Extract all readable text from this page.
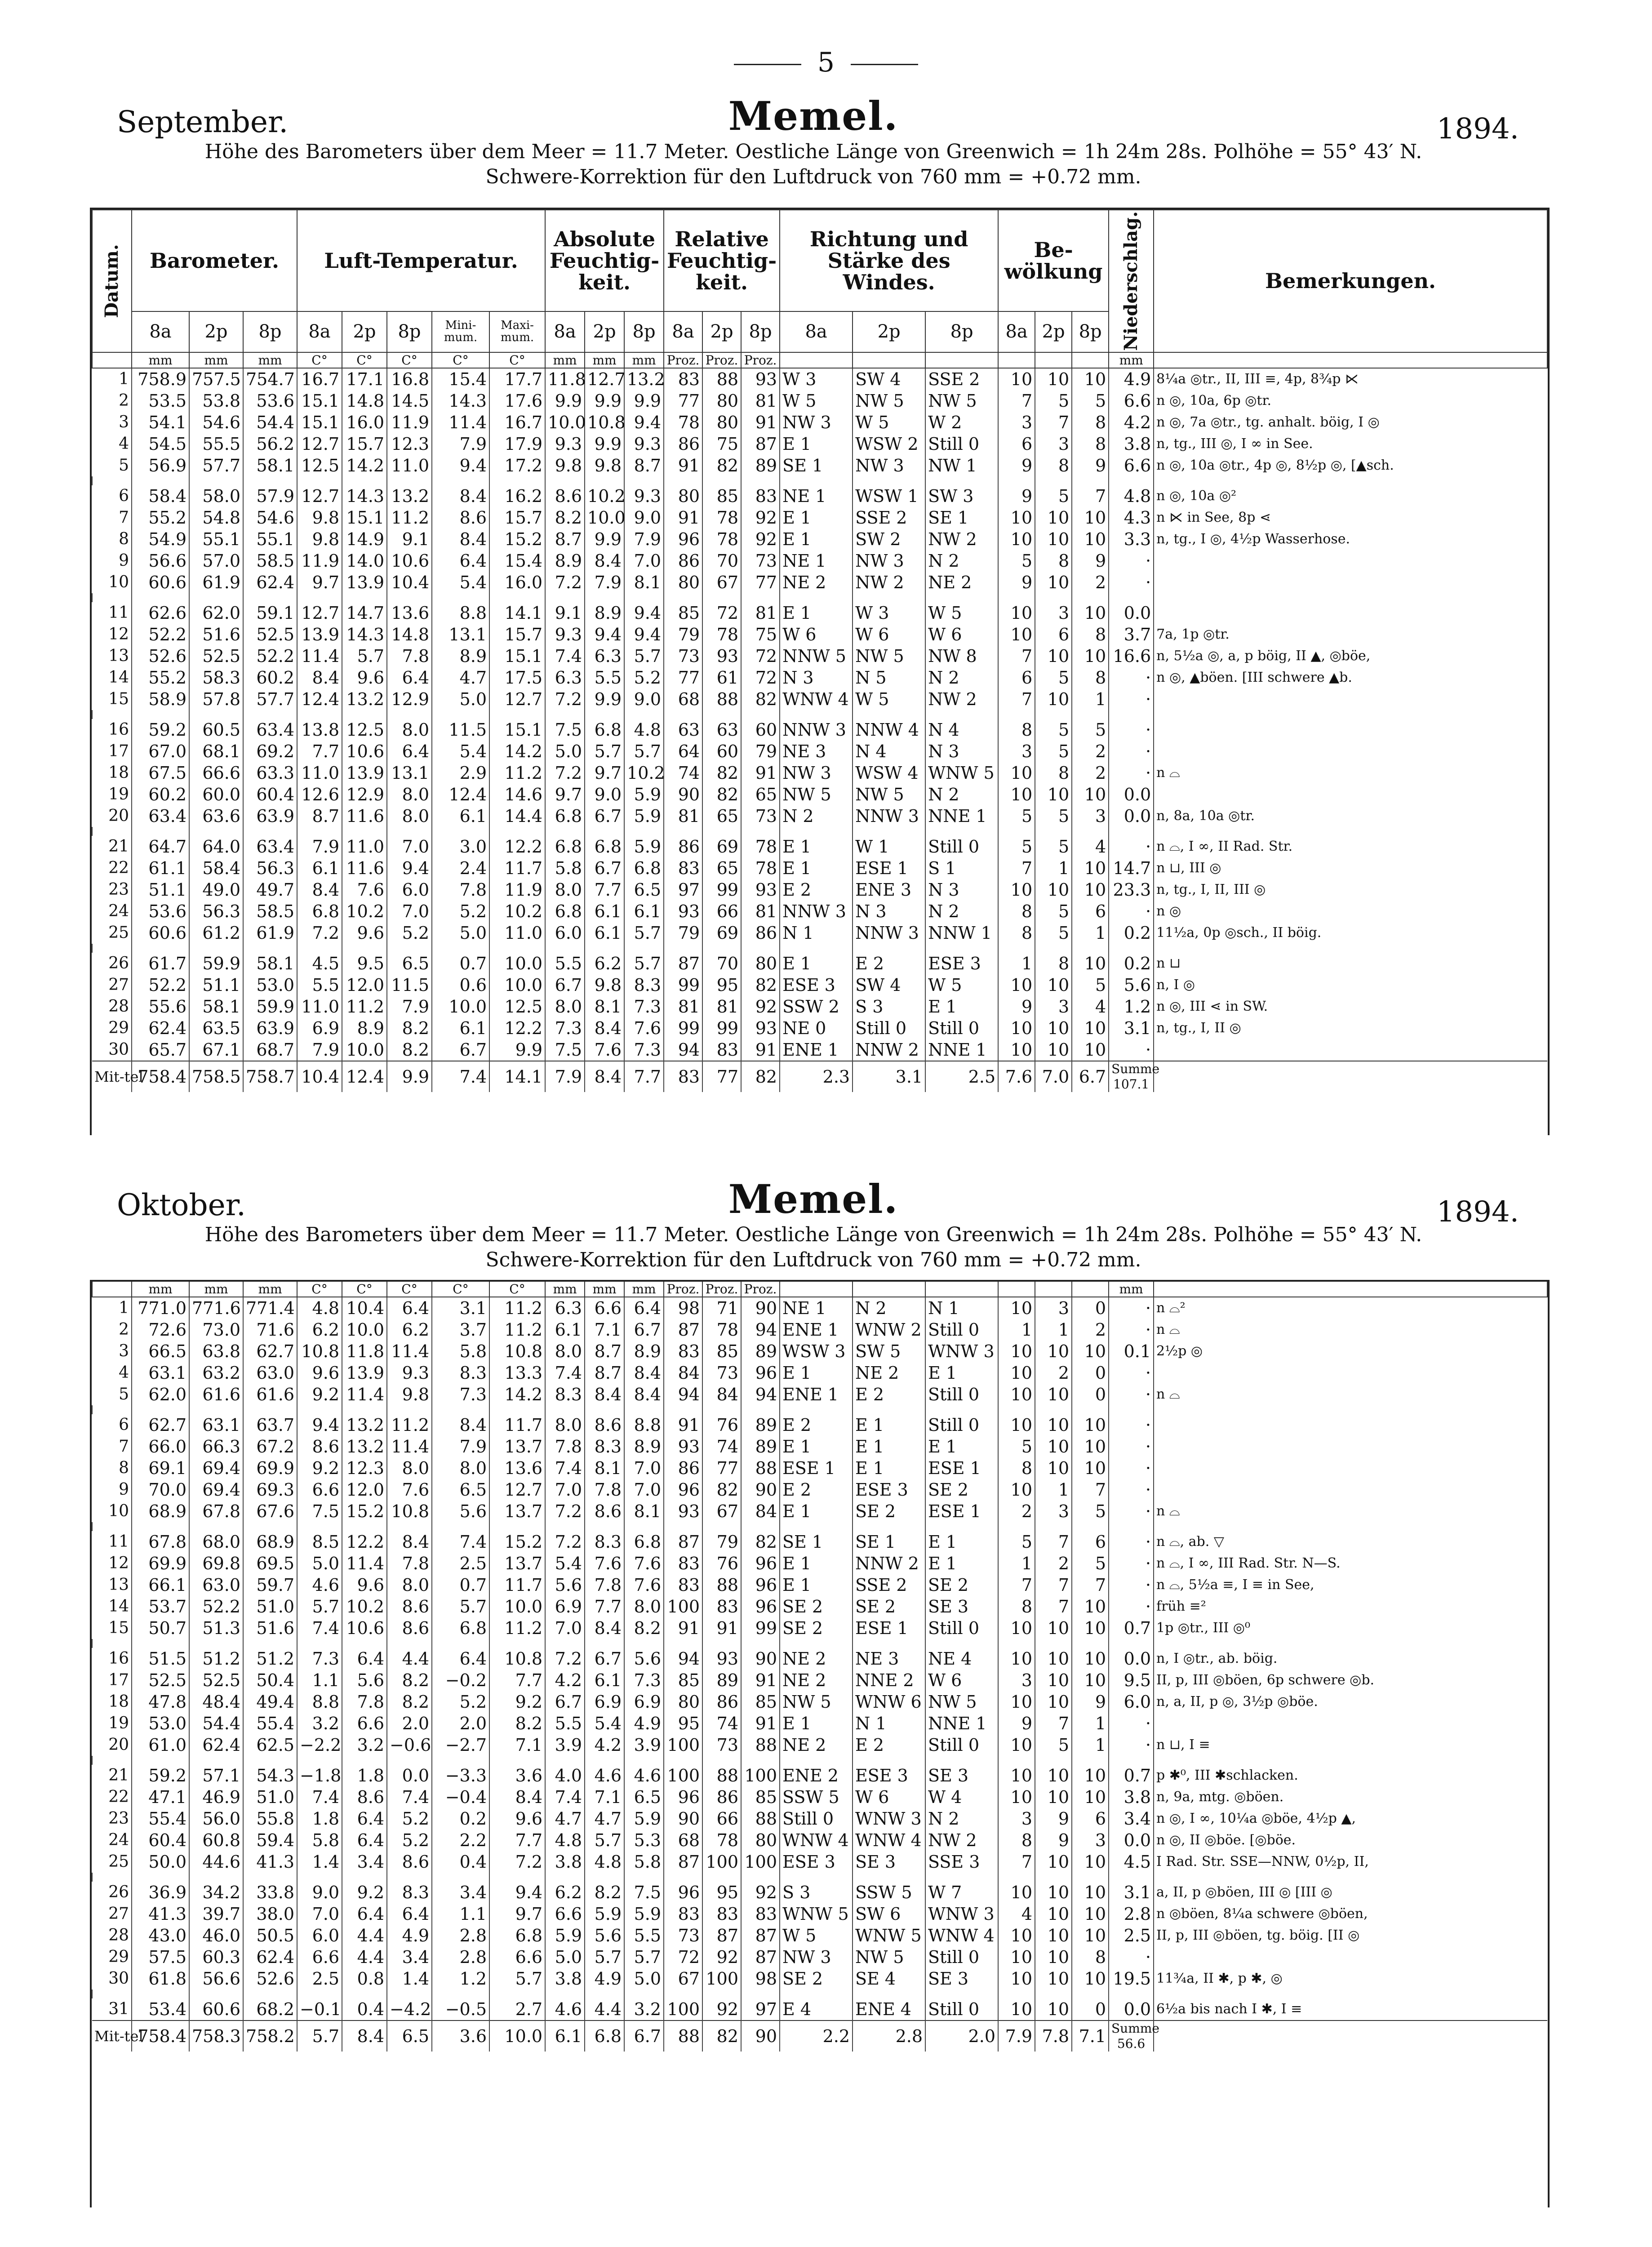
5
September.	Memel.	1894.
Höhe des Barometers über dem Meer = 11.7 Meter. Oestliche Länge von Greenwich = 1h 24m 28s. Polhöhe = 55° 43′ N.
Schwere-Korrektion für den Luftdruck von 760 mm = +0.72 mm.
Datum.	Barometer.			Luft-Temperatur.					Absolute Feuchtig-keit.			Relative Feuchtig-keit.			Richtung und Stärke des Windes.			Be-wölkung			Niederschlag.	Bemerkungen.
	8a	2p	8p	8a	2p	8p	Mini-mum.	Maxi-mum.	8a	2p	8p	8a	2p	8p	8a	2p	8p	8a	2p	8p		
	mm	mm	mm	C°	C°	C°	C°	C°	mm	mm	mm	Proz.	Proz.	Proz.							mm	
1	758.9	757.5	754.7	16.7	17.1	16.8	15.4	17.7	11.8	12.7	13.2	83	88	93	W 3	SW 4	SSE 2	10	10	10	4.9	8¼a ◎tr., II, III ≡, 4p, 8¾p ⋉
2	53.5	53.8	53.6	15.1	14.8	14.5	14.3	17.6	9.9	9.9	9.9	77	80	81	W 5	NW 5	NW 5	7	5	5	6.6	n ◎, 10a, 6p ◎tr.
3	54.1	54.6	54.4	15.1	16.0	11.9	11.4	16.7	10.0	10.8	9.4	78	80	91	NW 3	W 5	W 2	3	7	8	4.2	n ◎, 7a ◎tr., tg. anhalt. böig, I ◎
4	54.5	55.5	56.2	12.7	15.7	12.3	7.9	17.9	9.3	9.9	9.3	86	75	87	E 1	WSW 2	Still 0	6	3	8	3.8	n, tg., III ◎, I ∞ in See.
5	56.9	57.7	58.1	12.5	14.2	11.0	9.4	17.2	9.8	9.8	8.7	91	82	89	SE 1	NW 3	NW 1	9	8	9	6.6	n ◎, 10a ◎tr., 4p ◎, 8½p ◎, [▲sch.

6	58.4	58.0	57.9	12.7	14.3	13.2	8.4	16.2	8.6	10.2	9.3	80	85	83	NE 1	WSW 1	SW 3	9	5	7	4.8	n ◎, 10a ◎²
7	55.2	54.8	54.6	9.8	15.1	11.2	8.6	15.7	8.2	10.0	9.0	91	78	92	E 1	SSE 2	SE 1	10	10	10	4.3	n ⋉ in See, 8p ⋖
8	54.9	55.1	55.1	9.8	14.9	9.1	8.4	15.2	8.7	9.9	7.9	96	78	92	E 1	SW 2	NW 2	10	10	10	3.3	n, tg., I ◎, 4½p Wasserhose.
9	56.6	57.0	58.5	11.9	14.0	10.6	6.4	15.4	8.9	8.4	7.0	86	70	73	NE 1	NW 3	N 2	5	8	9	·	
10	60.6	61.9	62.4	9.7	13.9	10.4	5.4	16.0	7.2	7.9	8.1	80	67	77	NE 2	NW 2	NE 2	9	10	2	·	

11	62.6	62.0	59.1	12.7	14.7	13.6	8.8	14.1	9.1	8.9	9.4	85	72	81	E 1	W 3	W 5	10	3	10	0.0	
12	52.2	51.6	52.5	13.9	14.3	14.8	13.1	15.7	9.3	9.4	9.4	79	78	75	W 6	W 6	W 6	10	6	8	3.7	7a, 1p ◎tr.
13	52.6	52.5	52.2	11.4	5.7	7.8	8.9	15.1	7.4	6.3	5.7	73	93	72	NNW 5	NW 5	NW 8	7	10	10	16.6	n, 5½a ◎, a, p böig, II ▲, ◎böe,
14	55.2	58.3	60.2	8.4	9.6	6.4	4.7	17.5	6.3	5.5	5.2	77	61	72	N 3	N 5	N 2	6	5	8	·	n ◎, ▲böen. [III schwere ▲b.
15	58.9	57.8	57.7	12.4	13.2	12.9	5.0	12.7	7.2	9.9	9.0	68	88	82	WNW 4	W 5	NW 2	7	10	1	·	

16	59.2	60.5	63.4	13.8	12.5	8.0	11.5	15.1	7.5	6.8	4.8	63	63	60	NNW 3	NNW 4	N 4	8	5	5	·	
17	67.0	68.1	69.2	7.7	10.6	6.4	5.4	14.2	5.0	5.7	5.7	64	60	79	NE 3	N 4	N 3	3	5	2	·	
18	67.5	66.6	63.3	11.0	13.9	13.1	2.9	11.2	7.2	9.7	10.2	74	82	91	NW 3	WSW 4	WNW 5	10	8	2	·	n ⌓
19	60.2	60.0	60.4	12.6	12.9	8.0	12.4	14.6	9.7	9.0	5.9	90	82	65	NW 5	NW 5	N 2	10	10	10	0.0	
20	63.4	63.6	63.9	8.7	11.6	8.0	6.1	14.4	6.8	6.7	5.9	81	65	73	N 2	NNW 3	NNE 1	5	5	3	0.0	n, 8a, 10a ◎tr.

21	64.7	64.0	63.4	7.9	11.0	7.0	3.0	12.2	6.8	6.8	5.9	86	69	78	E 1	W 1	Still 0	5	5	4	·	n ⌓, I ∞, II Rad. Str.
22	61.1	58.4	56.3	6.1	11.6	9.4	2.4	11.7	5.8	6.7	6.8	83	65	78	E 1	ESE 1	S 1	7	1	10	14.7	n ⊔, III ◎
23	51.1	49.0	49.7	8.4	7.6	6.0	7.8	11.9	8.0	7.7	6.5	97	99	93	E 2	ENE 3	N 3	10	10	10	23.3	n, tg., I, II, III ◎
24	53.6	56.3	58.5	6.8	10.2	7.0	5.2	10.2	6.8	6.1	6.1	93	66	81	NNW 3	N 3	N 2	8	5	6	·	n ◎
25	60.6	61.2	61.9	7.2	9.6	5.2	5.0	11.0	6.0	6.1	5.7	79	69	86	N 1	NNW 3	NNW 1	8	5	1	0.2	11½a, 0p ◎sch., II böig.

26	61.7	59.9	58.1	4.5	9.5	6.5	0.7	10.0	5.5	6.2	5.7	87	70	80	E 1	E 2	ESE 3	1	8	10	0.2	n ⊔
27	52.2	51.1	53.0	5.5	12.0	11.5	0.6	10.0	6.7	9.8	8.3	99	95	82	ESE 3	SW 4	W 5	10	10	5	5.6	n, I ◎
28	55.6	58.1	59.9	11.0	11.2	7.9	10.0	12.5	8.0	8.1	7.3	81	81	92	SSW 2	S 3	E 1	9	3	4	1.2	n ◎, III ⋖ in SW.
29	62.4	63.5	63.9	6.9	8.9	8.2	6.1	12.2	7.3	8.4	7.6	99	99	93	NE 0	Still 0	Still 0	10	10	10	3.1	n, tg., I, II ◎
30	65.7	67.1	68.7	7.9	10.0	8.2	6.7	9.9	7.5	7.6	7.3	94	83	91	ENE 1	NNW 2	NNE 1	10	10	10	·	
Mit-tel	758.4	758.5	758.7	10.4	12.4	9.9	7.4	14.1	7.9	8.4	7.7	83	77	82	2.3	3.1	2.5	7.6	7.0	6.7	Summe
107.1	

Oktober.	Memel.	1894.
Höhe des Barometers über dem Meer = 11.7 Meter. Oestliche Länge von Greenwich = 1h 24m 28s. Polhöhe = 55° 43′ N.
Schwere-Korrektion für den Luftdruck von 760 mm = +0.72 mm.
	mm	mm	mm	C°	C°	C°	C°	C°	mm	mm	mm	Proz.	Proz.	Proz.							mm	
1	771.0	771.6	771.4	4.8	10.4	6.4	3.1	11.2	6.3	6.6	6.4	98	71	90	NE 1	N 2	N 1	10	3	0	·	n ⌓²
2	72.6	73.0	71.6	6.2	10.0	6.2	3.7	11.2	6.1	7.1	6.7	87	78	94	ENE 1	WNW 2	Still 0	1	1	2	·	n ⌓
3	66.5	63.8	62.7	10.8	11.8	11.4	5.8	10.8	8.0	8.7	8.9	83	85	89	WSW 3	SW 5	WNW 3	10	10	10	0.1	2½p ◎
4	63.1	63.2	63.0	9.6	13.9	9.3	8.3	13.3	7.4	8.7	8.4	84	73	96	E 1	NE 2	E 1	10	2	0	·	
5	62.0	61.6	61.6	9.2	11.4	9.8	7.3	14.2	8.3	8.4	8.4	94	84	94	ENE 1	E 2	Still 0	10	10	0	·	n ⌓

6	62.7	63.1	63.7	9.4	13.2	11.2	8.4	11.7	8.0	8.6	8.8	91	76	89	E 2	E 1	Still 0	10	10	10	·	
7	66.0	66.3	67.2	8.6	13.2	11.4	7.9	13.7	7.8	8.3	8.9	93	74	89	E 1	E 1	E 1	5	10	10	·	
8	69.1	69.4	69.9	9.2	12.3	8.0	8.0	13.6	7.4	8.1	7.0	86	77	88	ESE 1	E 1	ESE 1	8	10	10	·	
9	70.0	69.4	69.3	6.6	12.0	7.6	6.5	12.7	7.0	7.8	7.0	96	82	90	E 2	ESE 3	SE 2	10	1	7	·	
10	68.9	67.8	67.6	7.5	15.2	10.8	5.6	13.7	7.2	8.6	8.1	93	67	84	E 1	SE 2	ESE 1	2	3	5	·	n ⌓

11	67.8	68.0	68.9	8.5	12.2	8.4	7.4	15.2	7.2	8.3	6.8	87	79	82	SE 1	SE 1	E 1	5	7	6	·	n ⌓, ab. ▽
12	69.9	69.8	69.5	5.0	11.4	7.8	2.5	13.7	5.4	7.6	7.6	83	76	96	E 1	NNW 2	E 1	1	2	5	·	n ⌓, I ∞, III Rad. Str. N—S.
13	66.1	63.0	59.7	4.6	9.6	8.0	0.7	11.7	5.6	7.8	7.6	83	88	96	E 1	SSE 2	SE 2	7	7	7	·	n ⌓, 5½a ≡, I ≡ in See,
14	53.7	52.2	51.0	5.7	10.2	8.6	5.7	10.0	6.9	7.7	8.0	100	83	96	SE 2	SE 2	SE 3	8	7	10	·	früh ≡²
15	50.7	51.3	51.6	7.4	10.6	8.6	6.8	11.2	7.0	8.4	8.2	91	91	99	SE 2	ESE 1	Still 0	10	10	10	0.7	1p ◎tr., III ◎⁰

16	51.5	51.2	51.2	7.3	6.4	4.4	6.4	10.8	7.2	6.7	5.6	94	93	90	NE 2	NE 3	NE 4	10	10	10	0.0	n, I ◎tr., ab. böig.
17	52.5	52.5	50.4	1.1	5.6	8.2	−0.2	7.7	4.2	6.1	7.3	85	89	91	NE 2	NNE 2	W 6	3	10	10	9.5	II, p, III ◎böen, 6p schwere ◎b.
18	47.8	48.4	49.4	8.8	7.8	8.2	5.2	9.2	6.7	6.9	6.9	80	86	85	NW 5	WNW 6	NW 5	10	10	9	6.0	n, a, II, p ◎, 3½p ◎böe.
19	53.0	54.4	55.4	3.2	6.6	2.0	2.0	8.2	5.5	5.4	4.9	95	74	91	E 1	N 1	NNE 1	9	7	1	·	
20	61.0	62.4	62.5	−2.2	3.2	−0.6	−2.7	7.1	3.9	4.2	3.9	100	73	88	NE 2	E 2	Still 0	10	5	1	·	n ⊔, I ≡

21	59.2	57.1	54.3	−1.8	1.8	0.0	−3.3	3.6	4.0	4.6	4.6	100	88	100	ENE 2	ESE 3	SE 3	10	10	10	0.7	p ✱⁰, III ✱schlacken.
22	47.1	46.9	51.0	7.4	8.6	7.4	−0.4	8.4	7.4	7.1	6.5	96	86	85	SSW 5	W 6	W 4	10	10	10	3.8	n, 9a, mtg. ◎böen.
23	55.4	56.0	55.8	1.8	6.4	5.2	0.2	9.6	4.7	4.7	5.9	90	66	88	Still 0	WNW 3	N 2	3	9	6	3.4	n ◎, I ∞, 10¼a ◎böe, 4½p ▲,
24	60.4	60.8	59.4	5.8	6.4	5.2	2.2	7.7	4.8	5.7	5.3	68	78	80	WNW 4	WNW 4	NW 2	8	9	3	0.0	n ◎, II ◎böe. [◎böe.
25	50.0	44.6	41.3	1.4	3.4	8.6	0.4	7.2	3.8	4.8	5.8	87	100	100	ESE 3	SE 3	SSE 3	7	10	10	4.5	I Rad. Str. SSE—NNW, 0½p, II,

26	36.9	34.2	33.8	9.0	9.2	8.3	3.4	9.4	6.2	8.2	7.5	96	95	92	S 3	SSW 5	W 7	10	10	10	3.1	a, II, p ◎böen, III ◎ [III ◎
27	41.3	39.7	38.0	7.0	6.4	6.4	1.1	9.7	6.6	5.9	5.9	83	83	83	WNW 5	SW 6	WNW 3	4	10	10	2.8	n ◎böen, 8¼a schwere ◎böen,
28	43.0	46.0	50.5	6.0	4.4	4.9	2.8	6.8	5.9	5.6	5.5	73	87	87	W 5	WNW 5	WNW 4	10	10	10	2.5	II, p, III ◎böen, tg. böig. [II ◎
29	57.5	60.3	62.4	6.6	4.4	3.4	2.8	6.6	5.0	5.7	5.7	72	92	87	NW 3	NW 5	Still 0	10	10	8	·	
30	61.8	56.6	52.6	2.5	0.8	1.4	1.2	5.7	3.8	4.9	5.0	67	100	98	SE 2	SE 4	SE 3	10	10	10	19.5	11¾a, II ✱, p ✱, ◎

31	53.4	60.6	68.2	−0.1	0.4	−4.2	−0.5	2.7	4.6	4.4	3.2	100	92	97	E 4	ENE 4	Still 0	10	10	0	0.0	6½a bis nach I ✱, I ≡
Mit-tel	758.4	758.3	758.2	5.7	8.4	6.5	3.6	10.0	6.1	6.8	6.7	88	82	90	2.2	2.8	2.0	7.9	7.8	7.1	Summe
56.6	
